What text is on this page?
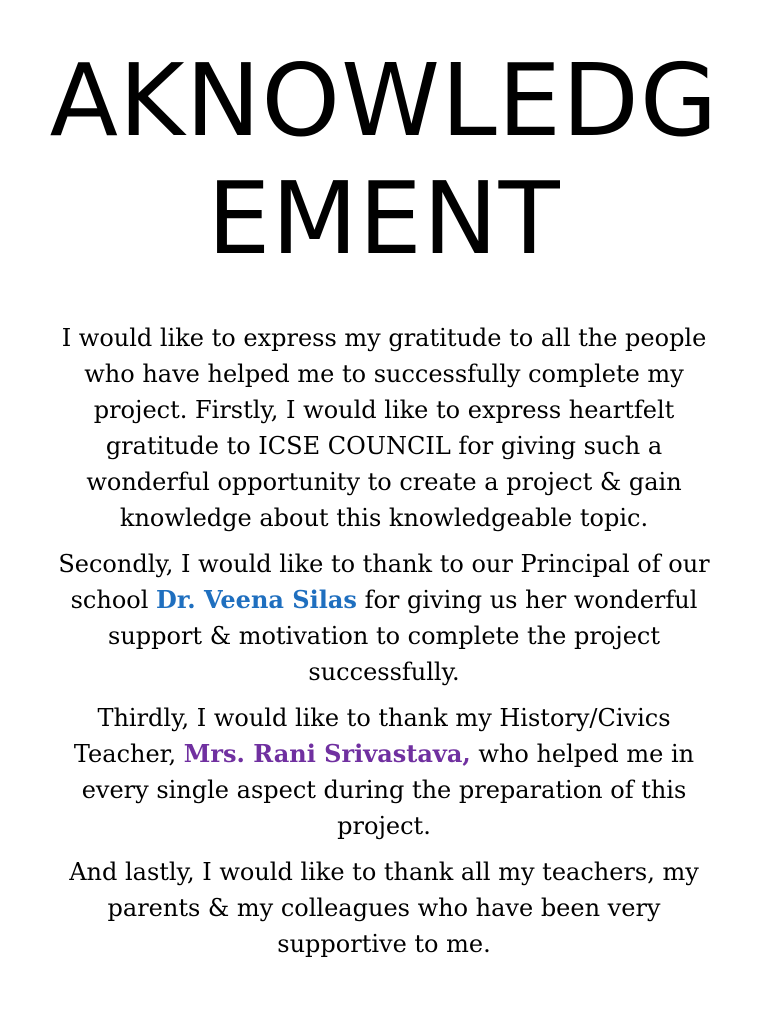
AKNOWLEDG
EMENT

I would like to express my gratitude to all the people who have helped me to successfully complete my project. Firstly, I would like to express heartfelt gratitude to ICSE COUNCIL for giving such a wonderful opportunity to create a project & gain knowledge about this knowledgeable topic.

Secondly, I would like to thank to our Principal of our school Dr. Veena Silas for giving us her wonderful support & motivation to complete the project successfully.

Thirdly, I would like to thank my History/Civics Teacher, Mrs. Rani Srivastava, who helped me in every single aspect during the preparation of this project.

And lastly, I would like to thank all my teachers, my parents & my colleagues who have been very supportive to me.
